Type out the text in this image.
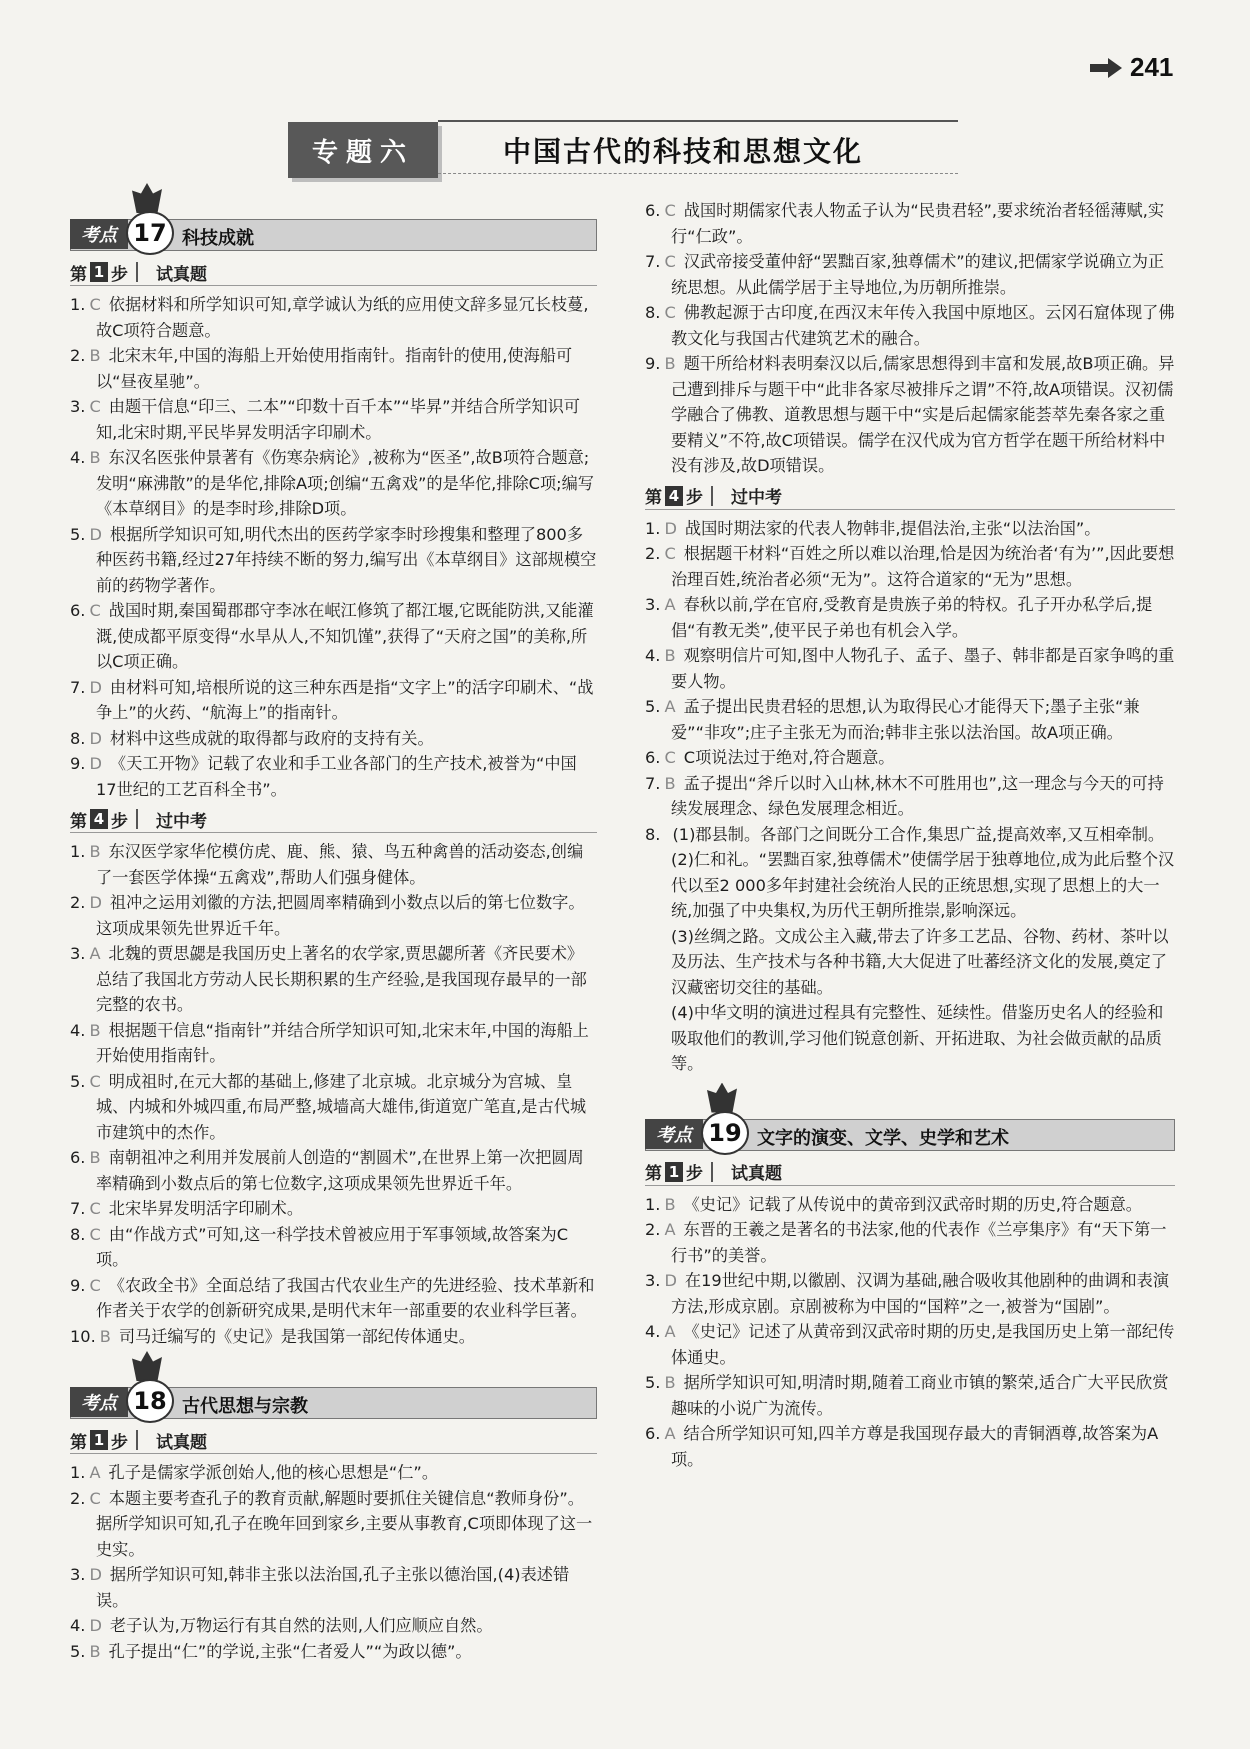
241
专题六	中国古代的科技和思想文化
考点 17 科技成就
第 1 步 试真题

1. C 依据材料和所学知识可知,章学诚认为纸的应用使文辞多显冗长枝蔓,故C项符合题意。

2. B 北宋末年,中国的海船上开始使用指南针。指南针的使用,使海船可以“昼夜星驰”。

3. C 由题干信息“印三、二本”“印数十百千本”“毕昇”并结合所学知识可知,北宋时期,平民毕昇发明活字印刷术。

4. B 东汉名医张仲景著有《伤寒杂病论》,被称为“医圣”,故B项符合题意;发明“麻沸散”的是华佗,排除A项;创编“五禽戏”的是华佗,排除C项;编写《本草纲目》的是李时珍,排除D项。

5. D 根据所学知识可知,明代杰出的医药学家李时珍搜集和整理了800多种医药书籍,经过27年持续不断的努力,编写出《本草纲目》这部规模空前的药物学著作。

6. C 战国时期,秦国蜀郡郡守李冰在岷江修筑了都江堰,它既能防洪,又能灌溉,使成都平原变得“水旱从人,不知饥馑”,获得了“天府之国”的美称,所以C项正确。

7. D 由材料可知,培根所说的这三种东西是指“文字上”的活字印刷术、“战争上”的火药、“航海上”的指南针。

8. D 材料中这些成就的取得都与政府的支持有关。

9. D 《天工开物》记载了农业和手工业各部门的生产技术,被誉为“中国17世纪的工艺百科全书”。

第 4 步 过中考

1. B 东汉医学家华佗模仿虎、鹿、熊、猿、鸟五种禽兽的活动姿态,创编了一套医学体操“五禽戏”,帮助人们强身健体。

2. D 祖冲之运用刘徽的方法,把圆周率精确到小数点以后的第七位数字。这项成果领先世界近千年。

3. A 北魏的贾思勰是我国历史上著名的农学家,贾思勰所著《齐民要术》总结了我国北方劳动人民长期积累的生产经验,是我国现存最早的一部完整的农书。

4. B 根据题干信息“指南针”并结合所学知识可知,北宋末年,中国的海船上开始使用指南针。

5. C 明成祖时,在元大都的基础上,修建了北京城。北京城分为宫城、皇城、内城和外城四重,布局严整,城墙高大雄伟,街道宽广笔直,是古代城市建筑中的杰作。

6. B 南朝祖冲之利用并发展前人创造的“割圆术”,在世界上第一次把圆周率精确到小数点后的第七位数字,这项成果领先世界近千年。

7. C 北宋毕昇发明活字印刷术。

8. C 由“作战方式”可知,这一科学技术曾被应用于军事领域,故答案为C项。

9. C 《农政全书》全面总结了我国古代农业生产的先进经验、技术革新和作者关于农学的创新研究成果,是明代末年一部重要的农业科学巨著。

10. B 司马迁编写的《史记》是我国第一部纪传体通史。

考点 18 古代思想与宗教
第 1 步 试真题

1. A 孔子是儒家学派创始人,他的核心思想是“仁”。

2. C 本题主要考查孔子的教育贡献,解题时要抓住关键信息“教师身份”。据所学知识可知,孔子在晚年回到家乡,主要从事教育,C项即体现了这一史实。

3. D 据所学知识可知,韩非主张以法治国,孔子主张以德治国,(4)表述错误。

4. D 老子认为,万物运行有其自然的法则,人们应顺应自然。

5. B 孔子提出“仁”的学说,主张“仁者爱人”“为政以德”。

6. C 战国时期儒家代表人物孟子认为“民贵君轻”,要求统治者轻徭薄赋,实行“仁政”。

7. C 汉武帝接受董仲舒“罢黜百家,独尊儒术”的建议,把儒家学说确立为正统思想。从此儒学居于主导地位,为历朝所推崇。

8. C 佛教起源于古印度,在西汉末年传入我国中原地区。云冈石窟体现了佛教文化与我国古代建筑艺术的融合。

9. B 题干所给材料表明秦汉以后,儒家思想得到丰富和发展,故B项正确。异己遭到排斥与题干中“此非各家尽被排斥之谓”不符,故A项错误。汉初儒学融合了佛教、道教思想与题干中“实是后起儒家能荟萃先秦各家之重要精义”不符,故C项错误。儒学在汉代成为官方哲学在题干所给材料中没有涉及,故D项错误。

第 4 步 过中考

1. D 战国时期法家的代表人物韩非,提倡法治,主张“以法治国”。

2. C 根据题干材料“百姓之所以难以治理,恰是因为统治者‘有为’”,因此要想治理百姓,统治者必须“无为”。这符合道家的“无为”思想。

3. A 春秋以前,学在官府,受教育是贵族子弟的特权。孔子开办私学后,提倡“有教无类”,使平民子弟也有机会入学。

4. B 观察明信片可知,图中人物孔子、孟子、墨子、韩非都是百家争鸣的重要人物。

5. A 孟子提出民贵君轻的思想,认为取得民心才能得天下;墨子主张“兼爱”“非攻”;庄子主张无为而治;韩非主张以法治国。故A项正确。

6. C C项说法过于绝对,符合题意。

7. B 孟子提出“斧斤以时入山林,林木不可胜用也”,这一理念与今天的可持续发展理念、绿色发展理念相近。

8. (1)郡县制。各部门之间既分工合作,集思广益,提高效率,又互相牵制。

(2)仁和礼。“罢黜百家,独尊儒术”使儒学居于独尊地位,成为此后整个汉代以至2 000多年封建社会统治人民的正统思想,实现了思想上的大一统,加强了中央集权,为历代王朝所推崇,影响深远。

(3)丝绸之路。文成公主入藏,带去了许多工艺品、谷物、药材、茶叶以及历法、生产技术与各种书籍,大大促进了吐蕃经济文化的发展,奠定了汉藏密切交往的基础。

(4)中华文明的演进过程具有完整性、延续性。借鉴历史名人的经验和吸取他们的教训,学习他们锐意创新、开拓进取、为社会做贡献的品质等。

考点 19 文字的演变、文学、史学和艺术
第 1 步 试真题

1. B 《史记》记载了从传说中的黄帝到汉武帝时期的历史,符合题意。

2. A 东晋的王羲之是著名的书法家,他的代表作《兰亭集序》有“天下第一行书”的美誉。

3. D 在19世纪中期,以徽剧、汉调为基础,融合吸收其他剧种的曲调和表演方法,形成京剧。京剧被称为中国的“国粹”之一,被誉为“国剧”。

4. A 《史记》记述了从黄帝到汉武帝时期的历史,是我国历史上第一部纪传体通史。

5. B 据所学知识可知,明清时期,随着工商业市镇的繁荣,适合广大平民欣赏趣味的小说广为流传。

6. A 结合所学知识可知,四羊方尊是我国现存最大的青铜酒尊,故答案为A项。
